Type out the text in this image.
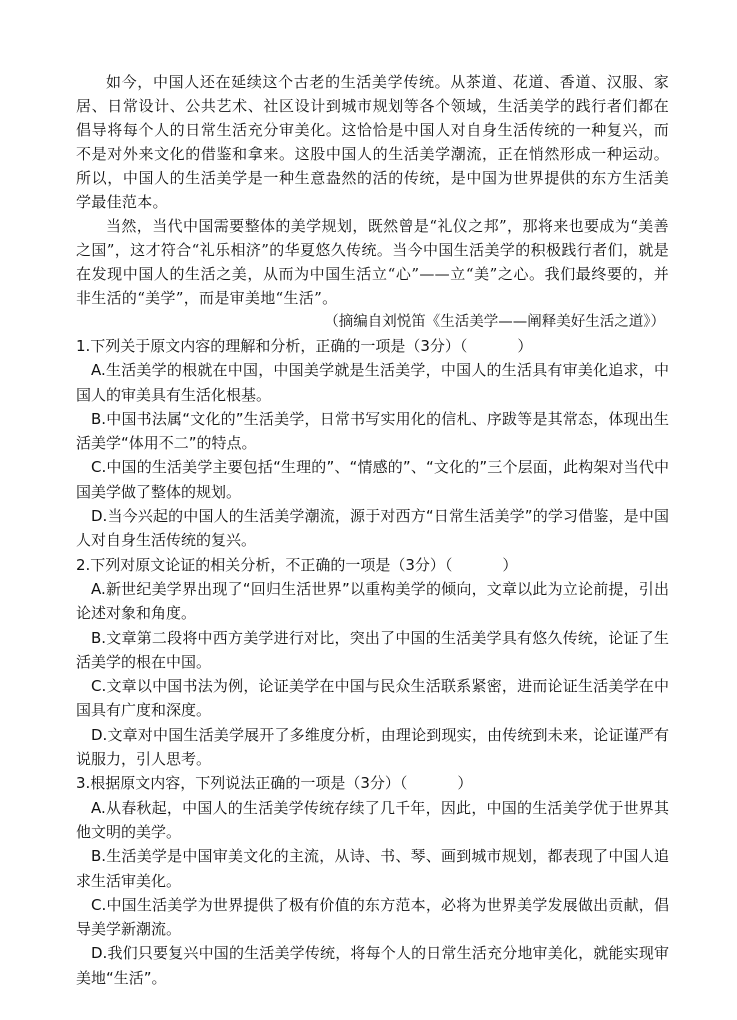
如今，中国人还在延续这个古老的生活美学传统。从茶道、花道、香道、汉服、家居、日常设计、公共艺术、社区设计到城市规划等各个领域，生活美学的践行者们都在倡导将每个人的日常生活充分审美化。这恰恰是中国人对自身生活传统的一种复兴，而不是对外来文化的借鉴和拿来。这股中国人的生活美学潮流，正在悄然形成一种运动。所以，中国人的生活美学是一种生意盎然的活的传统，是中国为世界提供的东方生活美学最佳范本。

当然，当代中国需要整体的美学规划，既然曾是“礼仪之邦”，那将来也要成为“美善之国”，这才符合“礼乐相济”的华夏悠久传统。当今中国生活美学的积极践行者们，就是在发现中国人的生活之美，从而为中国生活立“心”——立“美”之心。我们最终要的，并非生活的“美学”，而是审美地“生活”。

（摘编自刘悦笛《生活美学——阐释美好生活之道》）

1.下列关于原文内容的理解和分析，正确的一项是（3分）（	）

A.生活美学的根就在中国，中国美学就是生活美学，中国人的生活具有审美化追求，中国人的审美具有生活化根基。

B.中国书法属“文化的”生活美学，日常书写实用化的信札、序跋等是其常态，体现出生活美学“体用不二”的特点。

C.中国的生活美学主要包括“生理的”、“情感的”、“文化的”三个层面，此构架对当代中国美学做了整体的规划。

D.当今兴起的中国人的生活美学潮流，源于对西方“日常生活美学”的学习借鉴，是中国人对自身生活传统的复兴。

2.下列对原文论证的相关分析，不正确的一项是（3分）（	）

A.新世纪美学界出现了“回归生活世界”以重构美学的倾向，文章以此为立论前提，引出论述对象和角度。

B.文章第二段将中西方美学进行对比，突出了中国的生活美学具有悠久传统，论证了生活美学的根在中国。

C.文章以中国书法为例，论证美学在中国与民众生活联系紧密，进而论证生活美学在中国具有广度和深度。

D.文章对中国生活美学展开了多维度分析，由理论到现实，由传统到未来，论证谨严有说服力，引人思考。

3.根据原文内容，下列说法正确的一项是（3分）（	）

A.从春秋起，中国人的生活美学传统存续了几千年，因此，中国的生活美学优于世界其他文明的美学。

B.生活美学是中国审美文化的主流，从诗、书、琴、画到城市规划，都表现了中国人追求生活审美化。

C.中国生活美学为世界提供了极有价值的东方范本，必将为世界美学发展做出贡献，倡导美学新潮流。

D.我们只要复兴中国的生活美学传统，将每个人的日常生活充分地审美化，就能实现审美地“生活”。
